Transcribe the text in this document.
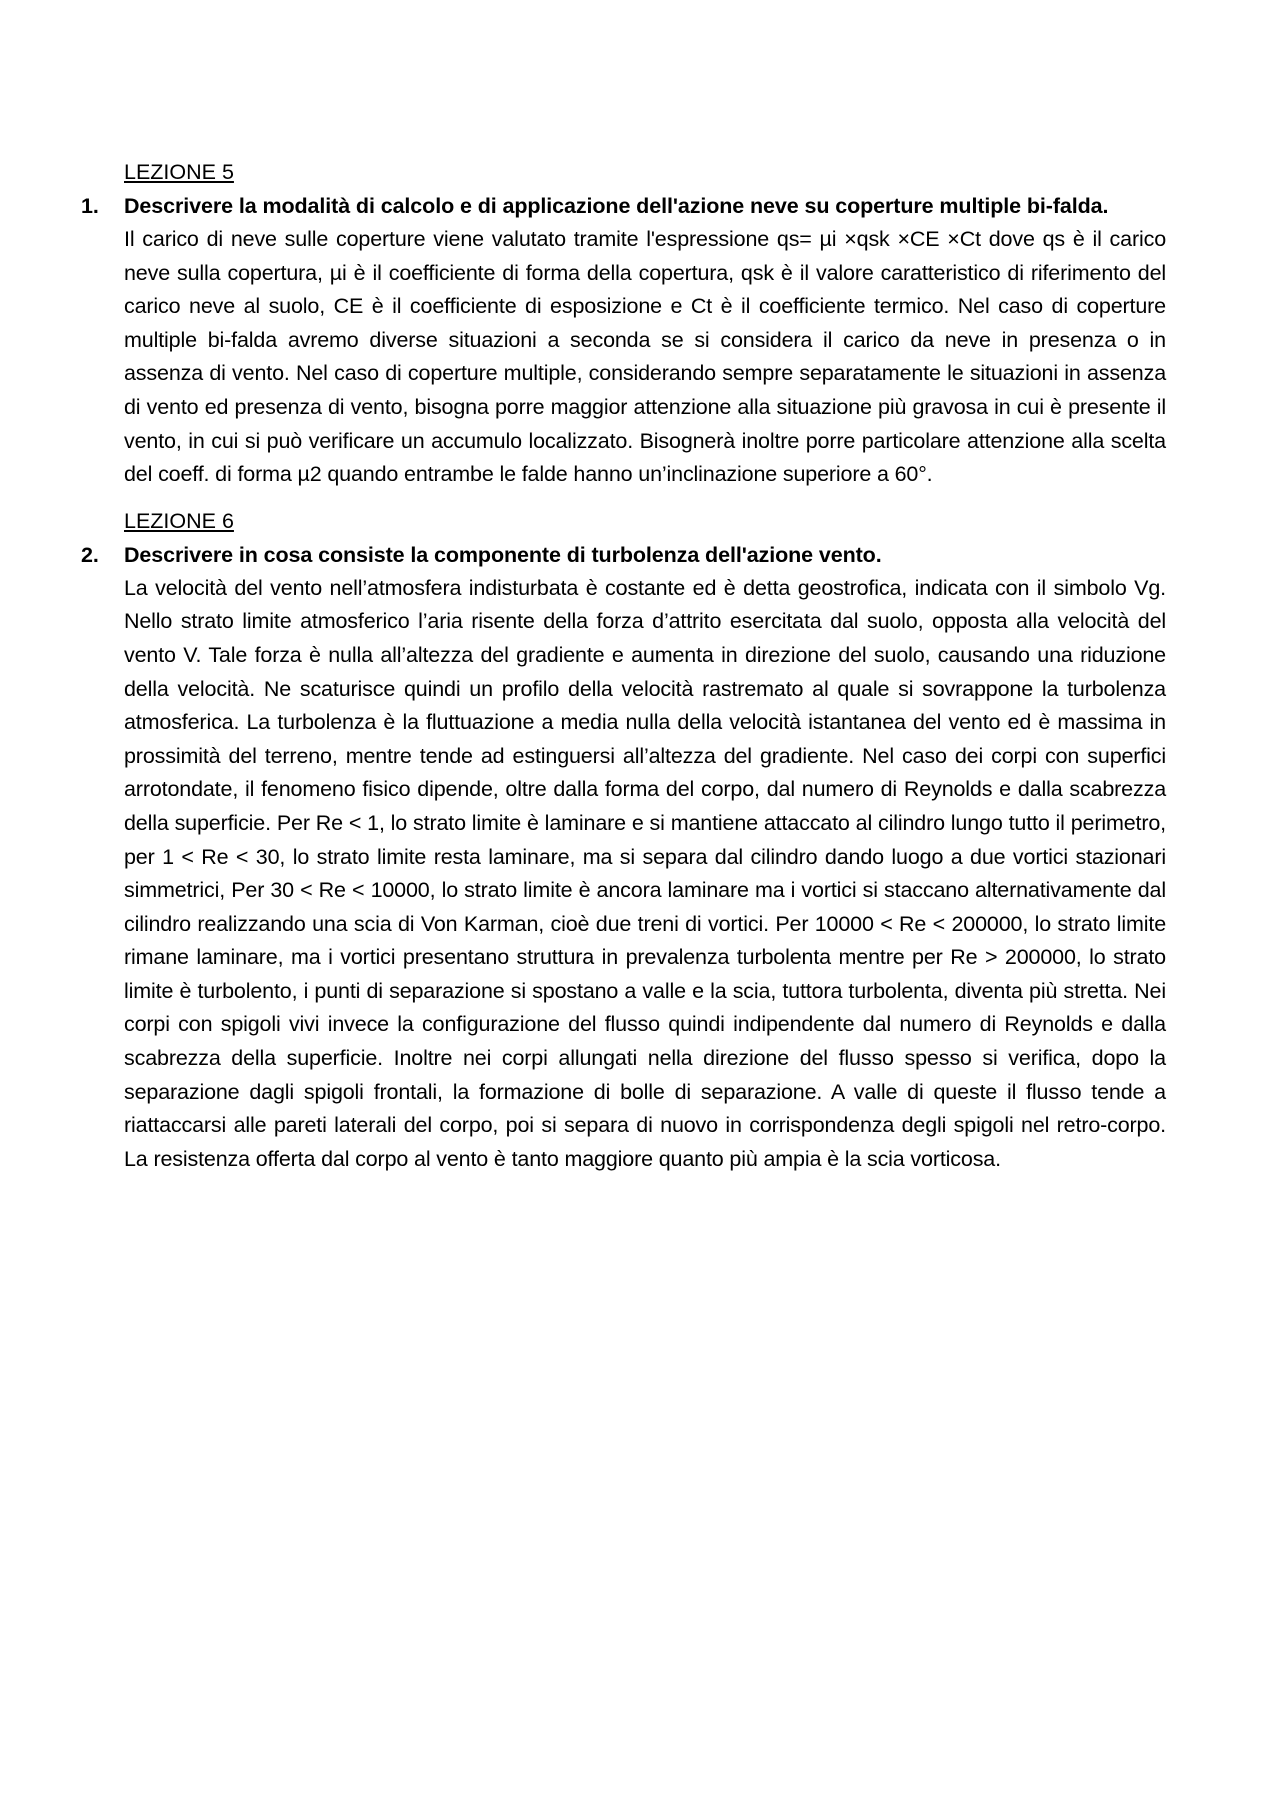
LEZIONE 5

1.	Descrivere la modalità di calcolo e di applicazione dell'azione neve su coperture multiple bi-falda.

Il carico di neve sulle coperture viene valutato tramite l'espressione qs= µi ×qsk ×CE ×Ct dove qs è il carico neve sulla copertura, µi è il coefficiente di forma della copertura, qsk è il valore caratteristico di riferimento del carico neve al suolo, CE è il coefficiente di esposizione e Ct è il coefficiente termico. Nel caso di coperture multiple bi-falda avremo diverse situazioni a seconda se si considera il carico da neve in presenza o in assenza di vento. Nel caso di coperture multiple, considerando sempre separatamente le situazioni in assenza di vento ed presenza di vento, bisogna porre maggior attenzione alla situazione più gravosa in cui è presente il vento, in cui si può verificare un accumulo localizzato. Bisognerà inoltre porre particolare attenzione alla scelta del coeff. di forma µ2 quando entrambe le falde hanno un’inclinazione superiore a 60°.

LEZIONE 6

2.	Descrivere in cosa consiste la componente di turbolenza dell'azione vento.

La velocità del vento nell’atmosfera indisturbata è costante ed è detta geostrofica, indicata con il simbolo Vg. Nello strato limite atmosferico l’aria risente della forza d’attrito esercitata dal suolo, opposta alla velocità del vento V. Tale forza è nulla all’altezza del gradiente e aumenta in direzione del suolo, causando una riduzione della velocità. Ne scaturisce quindi un profilo della velocità rastremato al quale si sovrappone la turbolenza atmosferica. La turbolenza è la fluttuazione a media nulla della velocità istantanea del vento ed è massima in prossimità del terreno, mentre tende ad estinguersi all’altezza del gradiente. Nel caso dei corpi con superfici arrotondate, il fenomeno fisico dipende, oltre dalla forma del corpo, dal numero di Reynolds e dalla scabrezza della superficie. Per Re < 1, lo strato limite è laminare e si mantiene attaccato al cilindro lungo tutto il perimetro, per 1 < Re < 30, lo strato limite resta laminare, ma si separa dal cilindro dando luogo a due vortici stazionari simmetrici, Per 30 < Re < 10000, lo strato limite è ancora laminare ma i vortici si staccano alternativamente dal cilindro realizzando una scia di Von Karman, cioè due treni di vortici. Per 10000 < Re < 200000, lo strato limite rimane laminare, ma i vortici presentano struttura in prevalenza turbolenta mentre per Re > 200000, lo strato limite è turbolento, i punti di separazione si spostano a valle e la scia, tuttora turbolenta, diventa più stretta. Nei corpi con spigoli vivi invece la configurazione del flusso quindi indipendente dal numero di Reynolds e dalla scabrezza della superficie. Inoltre nei corpi allungati nella direzione del flusso spesso si verifica, dopo la separazione dagli spigoli frontali, la formazione di bolle di separazione. A valle di queste il flusso tende a riattaccarsi alle pareti laterali del corpo, poi si separa di nuovo in corrispondenza degli spigoli nel retro-corpo. La resistenza offerta dal corpo al vento è tanto maggiore quanto più ampia è la scia vorticosa.
